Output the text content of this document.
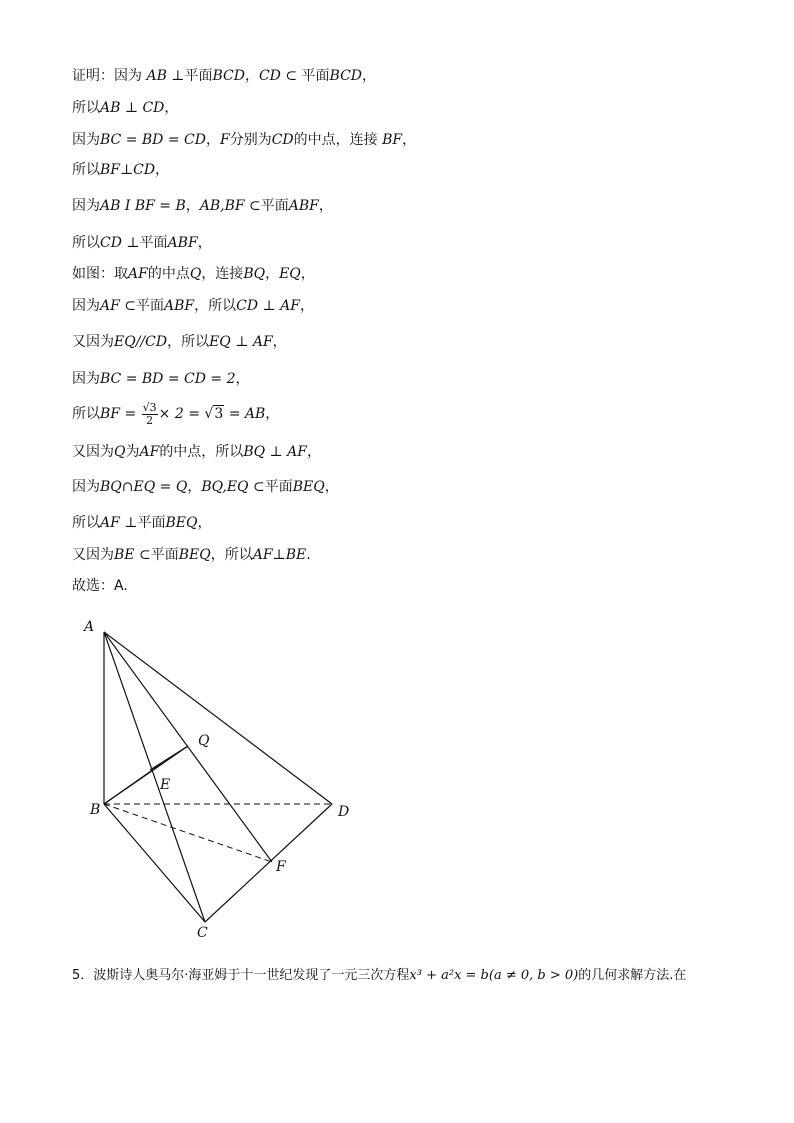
证明：因为 AB ⊥平面BCD，CD ⊂ 平面BCD，
所以AB ⊥ CD，
因为BC = BD = CD，F分别为CD的中点，连接 BF，
所以BF⊥CD，
因为AB I BF = B，AB,BF ⊂平面ABF，
所以CD ⊥平面ABF，
如图：取AF的中点Q，连接BQ，EQ，
因为AF ⊂平面ABF，所以CD ⊥ AF，
又因为EQ//CD，所以EQ ⊥ AF，
因为BC = BD = CD = 2，
所以BF = $\frac{√3}{2} \times 2 = √3$ = AB，
又因为Q为AF的中点，所以BQ ⊥ AF，
因为BQ∩EQ = Q，BQ,EQ ⊂平面BEQ，
所以AF ⊥平面BEQ，
又因为BE ⊂平面BEQ，所以AF⊥BE.
故选：A.
A
Q
E
B	D
F
C
5．波斯诗人奥马尔·海亚姆于十一世纪发现了一元三次方程x³ + a²x = b(a ≠ 0, b > 0)的几何求解方法.在
